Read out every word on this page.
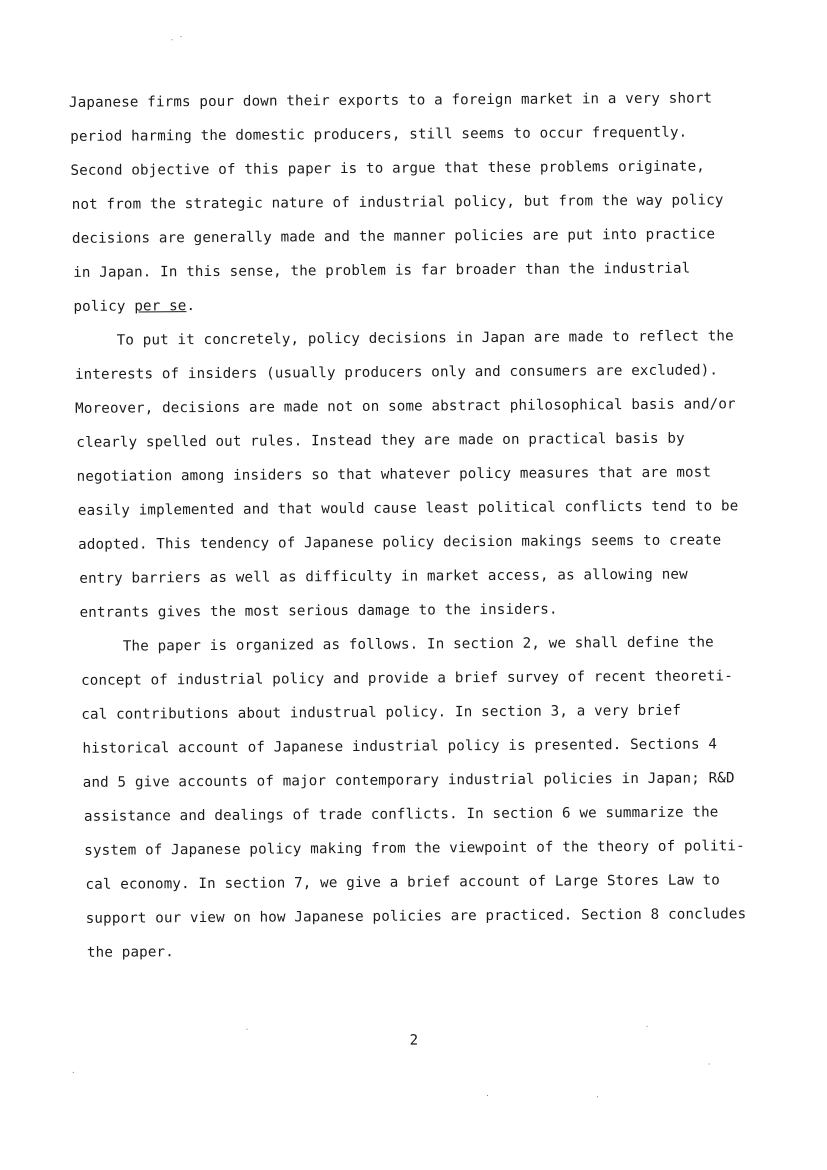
Japanese firms pour down their exports to a foreign market in a very short
period harming the domestic producers, still seems to occur frequently.
Second objective of this paper is to argue that these problems originate,
not from the strategic nature of industrial policy, but from the way policy
decisions are generally made and the manner policies are put into practice
in Japan. In this sense, the problem is far broader than the industrial
policy per se.
To put it concretely, policy decisions in Japan are made to reflect the
interests of insiders (usually producers only and consumers are excluded).
Moreover, decisions are made not on some abstract philosophical basis and/or
clearly spelled out rules. Instead they are made on practical basis by
negotiation among insiders so that whatever policy measures that are most
easily implemented and that would cause least political conflicts tend to be
adopted. This tendency of Japanese policy decision makings seems to create
entry barriers as well as difficulty in market access, as allowing new
entrants gives the most serious damage to the insiders.
The paper is organized as follows. In section 2, we shall define the
concept of industrial policy and provide a brief survey of recent theoreti-
cal contributions about industrual policy. In section 3, a very brief
historical account of Japanese industrial policy is presented. Sections 4
and 5 give accounts of major contemporary industrial policies in Japan; R&D
assistance and dealings of trade conflicts. In section 6 we summarize the
system of Japanese policy making from the viewpoint of the theory of politi-
cal economy. In section 7, we give a brief account of Large Stores Law to
support our view on how Japanese policies are practiced. Section 8 concludes
the paper.
2
